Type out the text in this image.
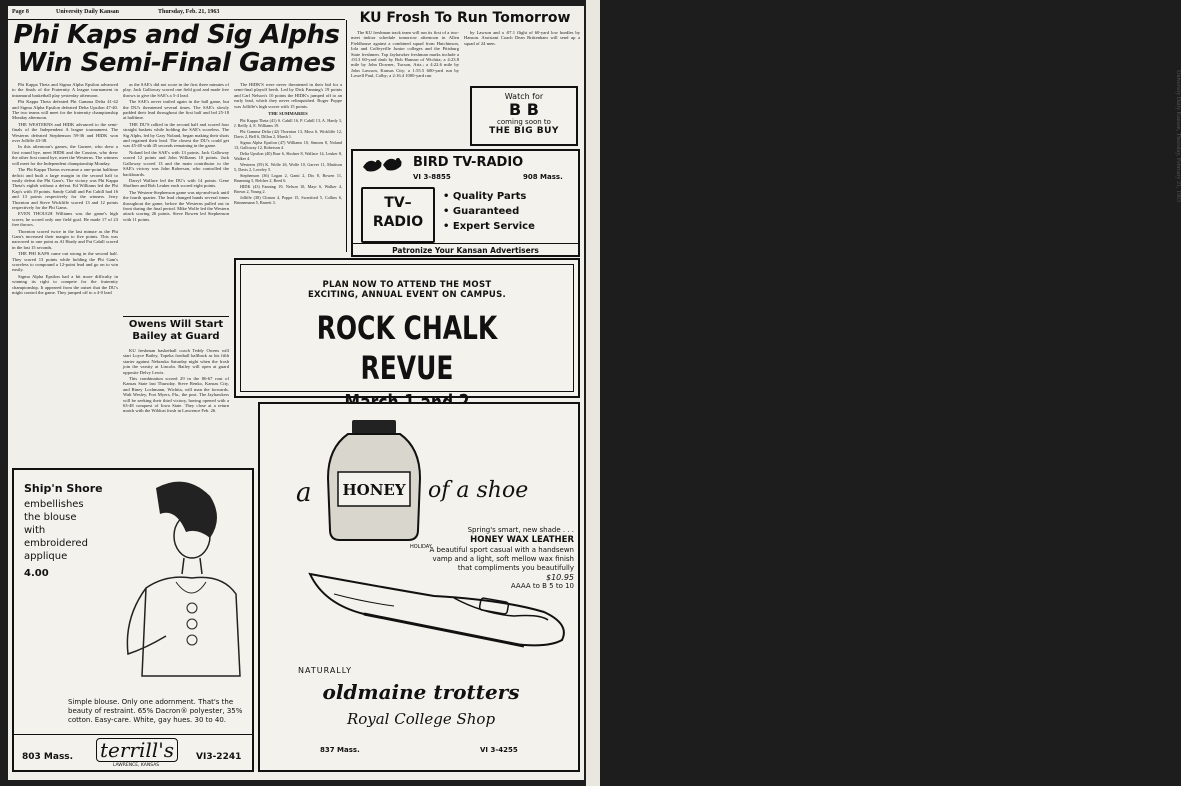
University Daily Kansan, Thursday, February 21, 1963
Page 8	University Daily Kansan	Thursday, Feb. 21, 1963
Phi Kaps and Sig Alphs
Win Semi-Final Games

Phi Kappa Theta and Sigma Alpha Epsilon advanced to the finals of the Fraternity A league tournament in intramural basketball play yesterday afternoon.

Phi Kappa Theta defeated Phi Gamma Delta 41-42 and Sigma Alpha Epsilon defeated Delta Upsilon 47-40. The two teams will meet for the fraternity championship Monday afternoon.

THE WESTERNS and HIDK advanced to the semi-finals of the Independent A league tournament. The Westerns defeated Stephenson 59-36 and HIDK won over Jolliffe 43-38.

In this afternoon's games, the Gurnee, who drew a first round bye, meet HIDK and the Cousins, who drew the other first round bye, meet the Westerns. The winners will meet for the Independent championship Monday.

The Phi Kappa Thetas overcame a one-point halftime deficit and built a large margin in the second half to easily defeat the Phi Gam's. The victory was Phi Kappa Theta's eighth without a defeat. Ed Williams led the Phi Kap's with 19 points. Sandy Cahill and Pat Cahill had 16 and 13 points respectively for the winners. Jerry Thornton and Steve Wickliffe scored 13 and 12 points respectively for the Phi Gams.

EVEN THOUGH Williams was the game's high scorer, he scored only one field goal. He made 17 of 23 free throws.

Thornton scored twice in the last minute as the Phi Gam's increased their margin to five points. This was narrowed to one point as Al Hardy and Pat Cahill scored in the last 15 seconds.

THE PHI KAPS came out strong in the second half. They scored 13 points while holding the Phi Gam's scoreless to compound a 12-point lead and go on to win easily.

Sigma Alpha Epsilon had a bit more difficulty in winning its right to compete for the fraternity championship. It appeared from the outset that the DU's might control the game. They jumped off to a 4-0 lead

as the SAE's did not score in the first three minutes of play. Jack Galloway scored one field goal and made free throws to give the SAE's a 5-4 lead.

The SAE's never trailed again in the ball game, but the DU's threatened several times. The SAE's slowly padded their lead throughout the first half and led 25-18 at halftime.

THE DU'S rallied in the second half and scored four straight baskets while holding the SAE's scoreless. The Sig Alphs, led by Gary Noland, began making their shots and regained their lead. The closest the DU's could get was 45-40 with 45 seconds remaining in the game.

Noland led the SAE's with 13 points. Jack Galloway scored 12 points and John Williams 10 points. Jack Galloway scored 13 and the main contributor to the SAE's victory was John Roberson, who controlled the backboards.

Darryl Wallace led the DU's with 14 points. Gene Shoffner and Bob Leuker each scored eight points.

The Western-Stephenson game was nip-and-tuck until the fourth quarter. The lead changed hands several times throughout the game, before the Westerns pulled out in front during the final period. Mike Wolfe led the Western attack scoring 26 points. Steve Bowen led Stephenson with 11 points.

The HIDK'S were never threatened in their bid for a semi-final playoff berth. Led by Dick Fanning's 19 points and Carl Nelson's 10 points the HIDK's jumped off to an early lead, which they never relinquished. Roger Poppe was Jolliffe's high scorer with 15 points.

THE SUMMARIES

Phi Kappa Theta (41) S. Cahill 16, P. Cahill 13, A. Hardy 3, J. Reilly 4, E. Williams 19.

Phi Gamma Delta (42) Thornton 13, Moss 6, Wickliffe 12, Davis 2, Bell 6, Dillon 2, Marsh 1.

Sigma Alpha Epsilon (47) Williams 10, Simons 8, Noland 13, Galloway 12, Roberson 4.

Delta Upsilon (40) Burr 6, Shofner 8, Wallace 14, Leuker 8, Walker 4.

Westerns (59) K. Wolfe 26, Wolfe 10, Garver 11, Mattison 5, Davis 2, Loveley 5.

Stephenson (36) Logan 2, Gantt 2, Dix 8, Bowen 11, Brummig 5, Belcher 2, Reed 6.

HIDK (43) Fanning 19, Nelson 10, Mayr 6, Walker 4, Brown 2, Young 2.

Jolliffe (38) Clinton 4, Poppe 15, Swartford 5, Collins 6, Brinnemann 5, Barrett 3.

Owens Will Start
Bailey at Guard

KU freshman basketball coach Teddy Owens will start Loyce Bailey, Topeka football halfback as his fifth starter against Nebraska Saturday night when the frosh join the varsity at Lincoln. Bailey will open at guard opposite Delvy Lewis.

This combination scored 29 in the 86-67 rout of Kansas State last Thursday. Steve Renko, Kansas City, and Riney Lochmann, Wichita, will man the forwards. Walt Wesley, Fort Myers, Fla., the post. The Jayhawkers will be seeking their third victory, having opened with a 63-48 conquest of Iowa State. They close at a return match with the Wildcat frosh in Lawrence Feb. 26.

KU Frosh To Run Tomorrow

The KU freshman track team will run its first of a two-meet indoor schedule tomorrow afternoon in Allen Fieldhouse against a combined squad from Hutchinson, Iola and Coffeyville Junior colleges and the Pittsburg State freshmen. Top Jayhawker freshman marks include a :03.3 60-yard dash by Bob Hanson of Wichita; a 4:23.8 mile by John Downer, Tucson, Ariz.; a 4:22.6 mile by John Lawson, Kansas City; a 1:55.5 600-yard run by Lowell Paul, Colby; a 2:16.4 1000-yard run

by Lawson and a :07.1 flight of 60-yard low hurdles by Hanson. Assistant Coach Dean Brittenham will send up a squad of 24 men.

Watch for
B B
coming soon to
THE BIG BUY
BIRD TV-RADIO
VI 3-8855	908 Mass.
TV–
RADIO
• Quality Parts
• Guaranteed
• Expert Service
Patronize Your Kansan Advertisers
PLAN NOW TO ATTEND THE MOST
EXCITING, ANNUAL EVENT ON CAMPUS.
ROCK CHALK REVUE
Ship'n Shore
embellishes
the blouse
with
embroidered
applique
4.00
Simple blouse. Only one adornment. That's the beauty of restraint. 65% Dacron® polyester, 35% cotton. Easy-care. White, gay hues. 30 to 40.
803 Mass. terrill's
LAWRENCE, KANSAS
VI3-2241
a HONEY of a shoe
Spring's smart, new shade . . .
HONEY WAX LEATHER
A beautiful sport casual with a handsewn vamp and a light, soft mellow wax finish that compliments you beautifully
$10.95
AAAA to B 5 to 10
HOLIDAY
NATURALLY
oldmaine trotters
Royal College Shop
837 Mass.	VI 3-4255
